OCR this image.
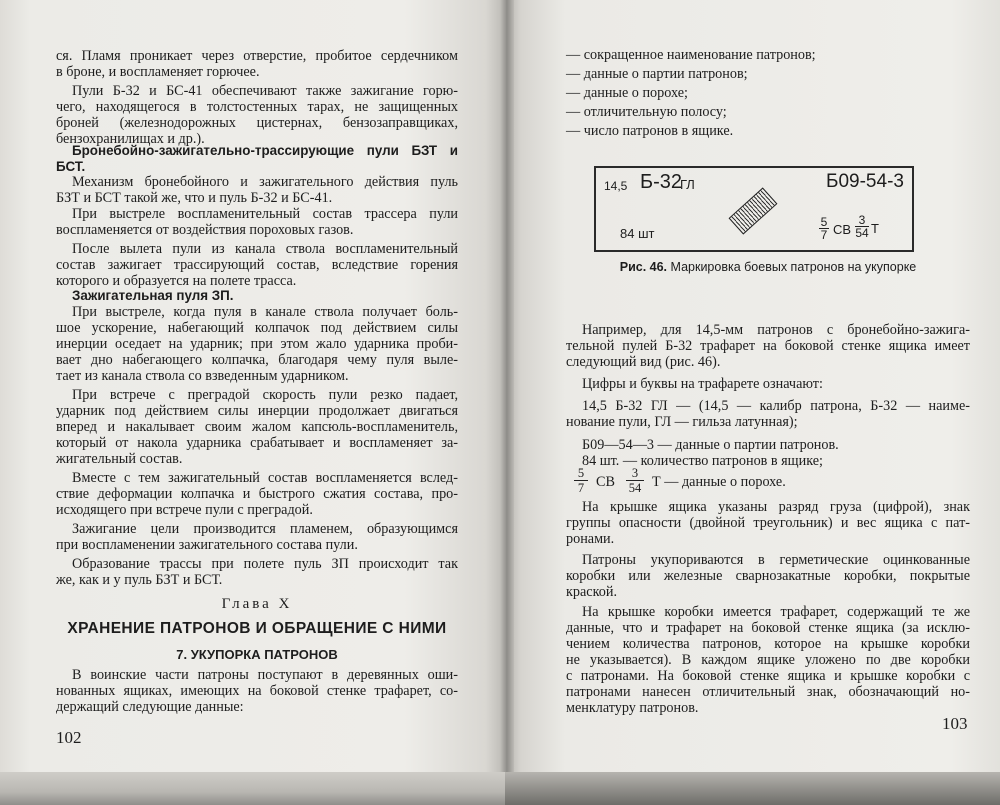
ся. Пламя проникает через отверстие, пробитое сердечником
в броне, и воспламеняет горючее.
Пули Б-32 и БС-41 обеспечивают также зажигание горю-
чего, находящегося в толстостенных тарах, не защищенных
броней (железнодорожных цистернах, бензозаправщиках,
бензохранилищах и др.).
Бронебойно-зажигательно-трассирующие пули БЗТ и
БСТ.
Механизм бронебойного и зажигательного действия пуль
БЗТ и БСТ такой же, что и пуль Б-32 и БС-41.
При выстреле воспламенительный состав трассера пули
воспламеняется от воздействия пороховых газов.
После вылета пули из канала ствола воспламенительный
состав зажигает трассирующий состав, вследствие горения
которого и образуется на полете трасса.
Зажигательная пуля ЗП.
При выстреле, когда пуля в канале ствола получает боль-
шое ускорение, набегающий колпачок под действием силы
инерции оседает на ударник; при этом жало ударника проби-
вает дно набегающего колпачка, благодаря чему пуля выле-
тает из канала ствола со взведенным ударником.
При встрече с преградой скорость пули резко падает,
ударник под действием силы инерции продолжает двигаться
вперед и накалывает своим жалом капсюль-воспламенитель,
который от накола ударника срабатывает и воспламеняет за-
жигательный состав.
Вместе с тем зажигательный состав воспламеняется вслед-
ствие деформации колпачка и быстрого сжатия состава, про-
исходящего при встрече пули с преградой.
Зажигание цели производится пламенем, образующимся
при воспламенении зажигательного состава пули.
Образование трассы при полете пуль ЗП происходит так
же, как и у пуль БЗТ и БСТ.
Глава X
ХРАНЕНИЕ ПАТРОНОВ И ОБРАЩЕНИЕ С НИМИ
7. УКУПОРКА ПАТРОНОВ
В воинские части патроны поступают в деревянных оши-
нованных ящиках, имеющих на боковой стенке трафарет, со-
держащий следующие данные:
102
— сокращенное наименование патронов;
— данные о партии патронов;
— данные о порохе;
— отличительную полосу;
— число патронов в ящике.
14,5 Б-32
ГЛ	Б09-54-3
84 шт
5
7 СВ
3
54 Т
Рис. 46. Маркировка боевых патронов на укупорке
Например, для 14,5-мм патронов с бронебойно-зажига-
тельной пулей Б-32 трафарет на боковой стенке ящика имеет
следующий вид (рис. 46).
Цифры и буквы на трафарете означают:
14,5 Б-32 ГЛ — (14,5 — калибр патрона, Б-32 — наиме-
нование пули, ГЛ — гильза латунная);
Б09—54—3 — данные о партии патронов.
84 шт. — количество патронов в ящике;
5
7 СВ
3
54 Т — данные о порохе.
На крышке ящика указаны разряд груза (цифрой), знак
группы опасности (двойной треугольник) и вес ящика с пат-
ронами.
Патроны укупориваются в герметические оцинкованные
коробки или железные сварнозакатные коробки, покрытые
краской.
На крышке коробки имеется трафарет, содержащий те же
данные, что и трафарет на боковой стенке ящика (за исклю-
чением количества патронов, которое на крышке коробки
не указывается). В каждом ящике уложено по две коробки
с патронами. На боковой стенке ящика и крышке коробки с
патронами нанесен отличительный знак, обозначающий но-
менклатуру патронов.
103
